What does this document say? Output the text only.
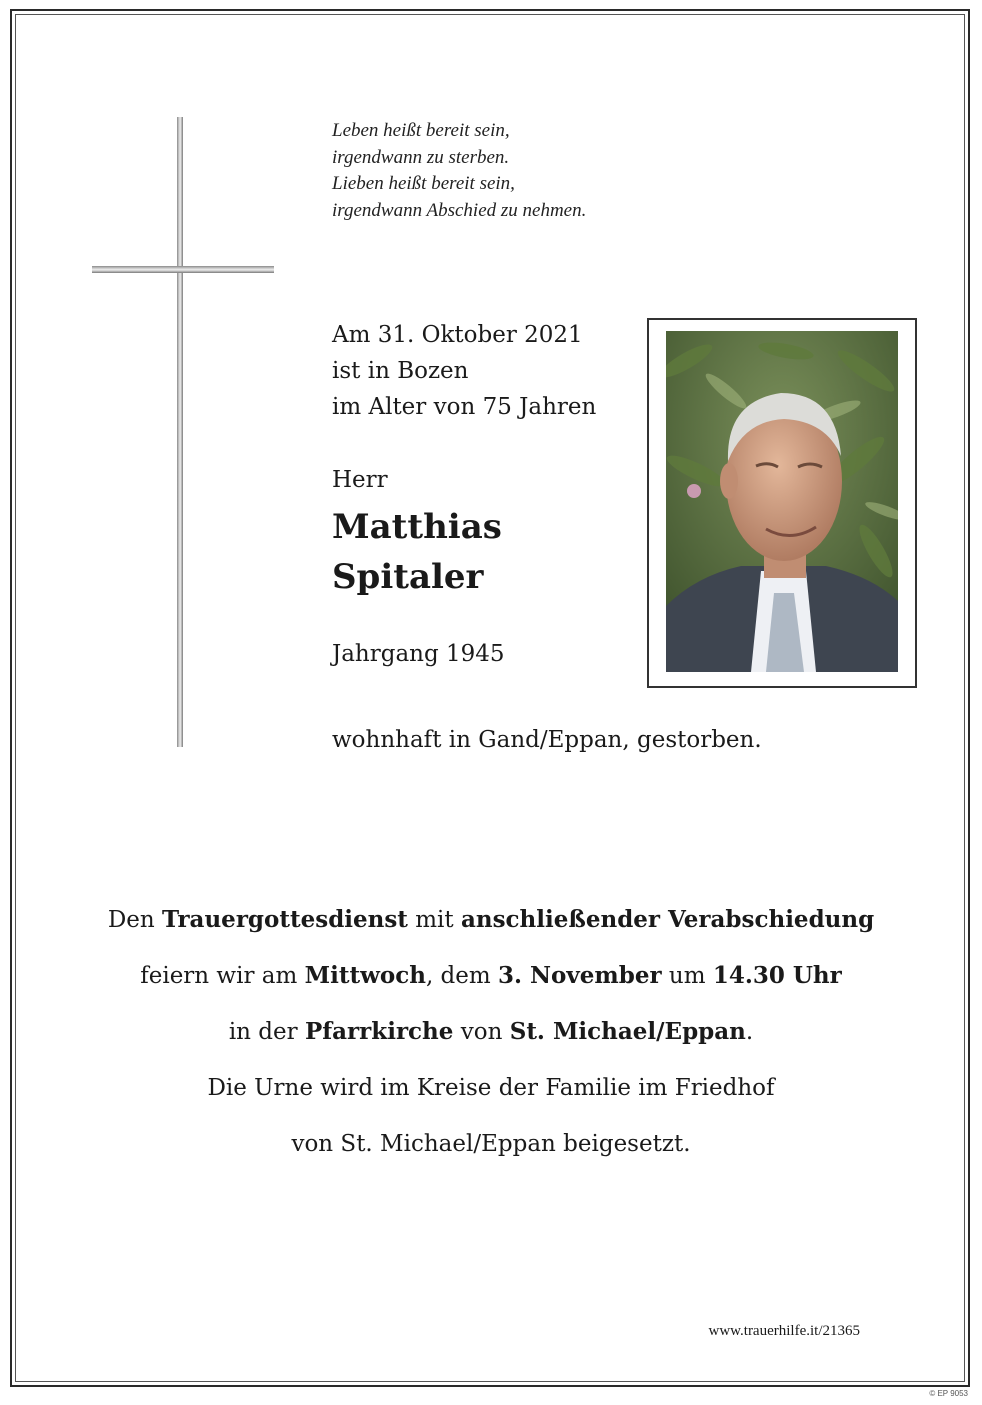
Leben heißt bereit sein,
irgendwann zu sterben.
Lieben heißt bereit sein,
irgendwann Abschied zu nehmen.
Am 31. Oktober 2021
ist in Bozen
im Alter von 75 Jahren
Herr
Matthias
Spitaler
Jahrgang 1945
wohnhaft in Gand/Eppan, gestorben.
Den Trauergottesdienst mit anschließender Verabschiedung
feiern wir am Mittwoch, dem 3. November um 14.30 Uhr
in der Pfarrkirche von St. Michael/Eppan.
Die Urne wird im Kreise der Familie im Friedhof
von St. Michael/Eppan beigesetzt.
www.trauerhilfe.it/21365
© EP 9053
